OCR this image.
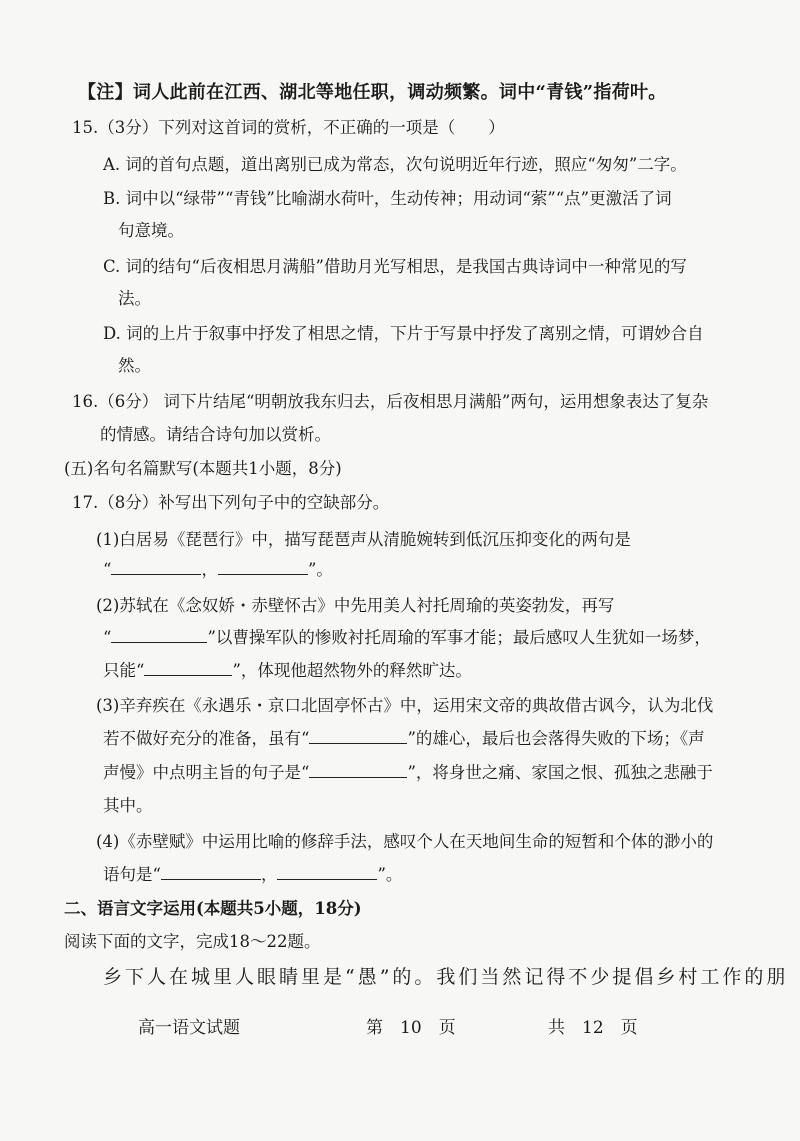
【注】词人此前在江西、湖北等地任职，调动频繁。词中“青钱”指荷叶。
15.（3分）下列对这首词的赏析，不正确的一项是（　　）
A. 词的首句点题，道出离别已成为常态，次句说明近年行迹，照应“匆匆”二字。
B. 词中以“绿带”“青钱”比喻湖水荷叶，生动传神；用动词“萦”“点”更激活了词
句意境。
C. 词的结句“后夜相思月满船”借助月光写相思，是我国古典诗词中一种常见的写
法。
D. 词的上片于叙事中抒发了相思之情，下片于写景中抒发了离别之情，可谓妙合自
然。
16.（6分） 词下片结尾“明朝放我东归去，后夜相思月满船”两句，运用想象表达了复杂
的情感。请结合诗句加以赏析。
(五)名句名篇默写(本题共1小题，8分)
17.（8分）补写出下列句子中的空缺部分。
(1)白居易《琵琶行》中，描写琵琶声从清脆婉转到低沉压抑变化的两句是
“	，	”。
(2)苏轼在《念奴娇・赤壁怀古》中先用美人衬托周瑜的英姿勃发，再写
“	”以曹操军队的惨败衬托周瑜的军事才能；最后感叹人生犹如一场梦，
只能“	”，体现他超然物外的释然旷达。
(3)辛弃疾在《永遇乐・京口北固亭怀古》中，运用宋文帝的典故借古讽今，认为北伐
若不做好充分的准备，虽有“	”的雄心，最后也会落得失败的下场；《声
声慢》中点明主旨的句子是“	”，将身世之痛、家国之恨、孤独之悲融于
其中。
(4)《赤壁赋》中运用比喻的修辞手法，感叹个人在天地间生命的短暂和个体的渺小的
语句是“	，	”。
二、语言文字运用(本题共5小题，18分)
阅读下面的文字，完成18～22题。
乡下人在城里人眼睛里是“愚”的。我们当然记得不少提倡乡村工作的朋
高一语文试题	第　10　页	共　12　页
